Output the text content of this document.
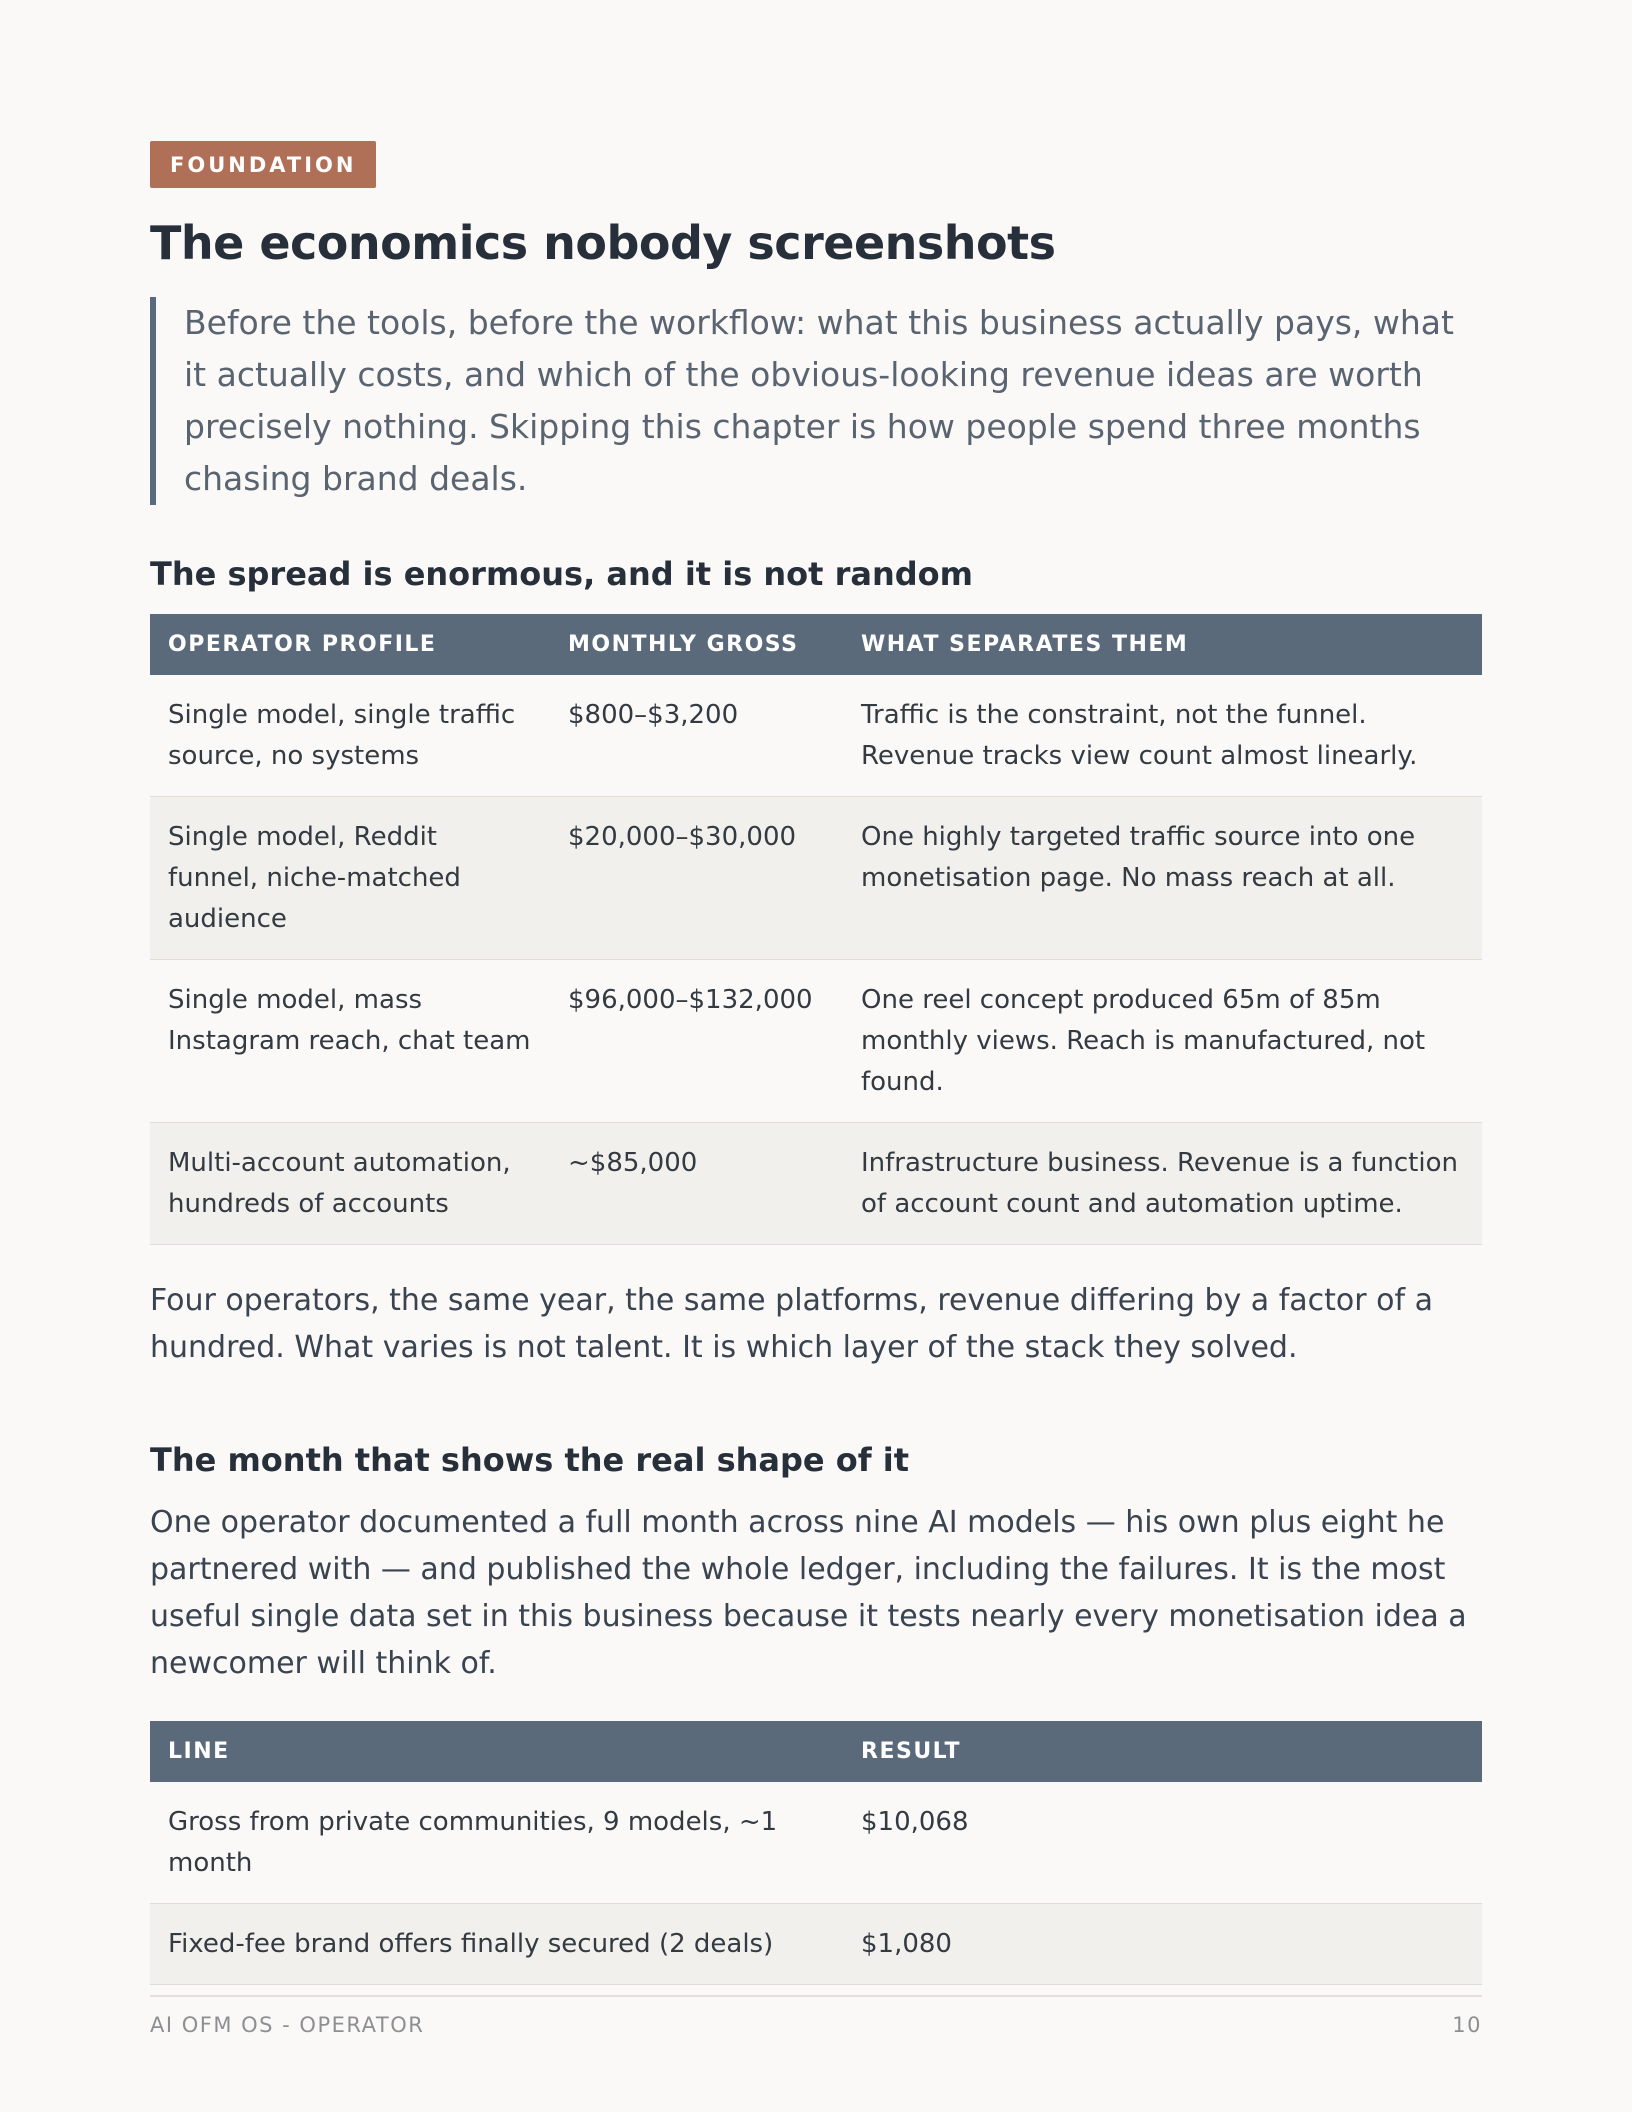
FOUNDATION
The economics nobody screenshots
Before the tools, before the workflow: what this business actually pays, what it actually costs, and which of the obvious-looking revenue ideas are worth precisely nothing. Skipping this chapter is how people spend three months chasing brand deals.
The spread is enormous, and it is not random
OPERATOR PROFILE	MONTHLY GROSS	WHAT SEPARATES THEM
Single model, single traffic source, no systems	$800–$3,200	Traffic is the constraint, not the funnel. Revenue tracks view count almost linearly.
Single model, Reddit funnel, niche-matched audience	$20,000–$30,000	One highly targeted traffic source into one monetisation page. No mass reach at all.
Single model, mass Instagram reach, chat team	$96,000–$132,000	One reel concept produced 65m of 85m monthly views. Reach is manufactured, not found.
Multi-account automation, hundreds of accounts	~$85,000	Infrastructure business. Revenue is a function of account count and automation uptime.

Four operators, the same year, the same platforms, revenue differing by a factor of a hundred. What varies is not talent. It is which layer of the stack they solved.

The month that shows the real shape of it

One operator documented a full month across nine AI models — his own plus eight he partnered with — and published the whole ledger, including the failures. It is the most useful single data set in this business because it tests nearly every monetisation idea a newcomer will think of.

LINE	RESULT
Gross from private communities, 9 models, ~1 month	$10,068
Fixed-fee brand offers finally secured (2 deals)	$1,080
AI OFM OS - OPERATOR	10
